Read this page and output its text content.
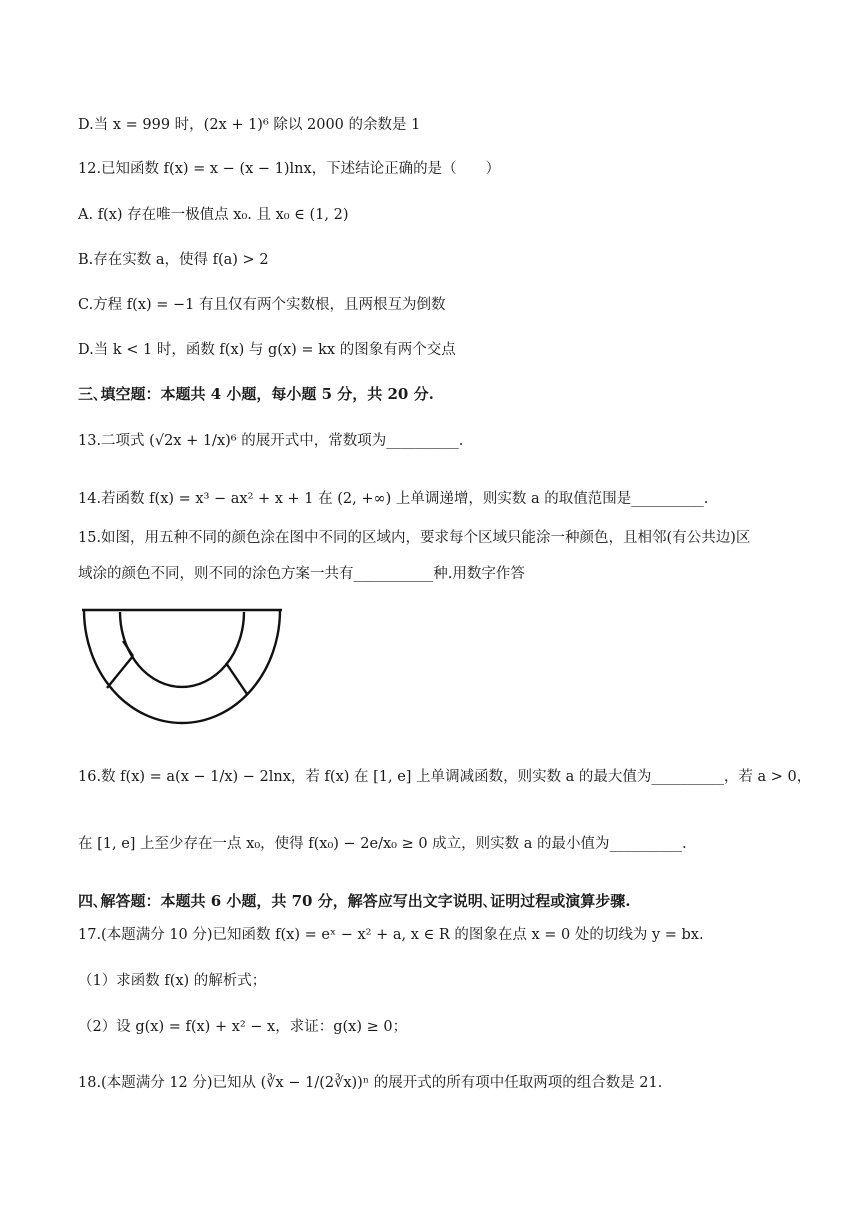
D.当 x = 999 时，(2x + 1)⁶ 除以 2000 的余数是 1
12.已知函数 f(x) = x − (x − 1)lnx，下述结论正确的是（　　）
A. f(x) 存在唯一极值点 x₀. 且 x₀ ∈ (1, 2)
B.存在实数 a，使得 f(a) > 2
C.方程 f(x) = −1 有且仅有两个实数根，且两根互为倒数
D.当 k < 1 时，函数 f(x) 与 g(x) = kx 的图象有两个交点
三､填空题：本题共 4 小题，每小题 5 分，共 20 分.
13.二项式 (√2x + 1/x)⁶ 的展开式中，常数项为__________.
14.若函数 f(x) = x³ − ax² + x + 1 在 (2, +∞) 上单调递增，则实数 a 的取值范围是__________.
15.如图，用五种不同的颜色涂在图中不同的区域内，要求每个区域只能涂一种颜色，且相邻(有公共边)区
域涂的颜色不同，则不同的涂色方案一共有___________种.用数字作答
16.数 f(x) = a(x − 1/x) − 2lnx，若 f(x) 在 [1, e] 上单调减函数，则实数 a 的最大值为__________，若 a > 0，
在 [1, e] 上至少存在一点 x₀，使得 f(x₀) − 2e/x₀ ≥ 0 成立，则实数 a 的最小值为__________.
四､解答题：本题共 6 小题，共 70 分，解答应写出文字说明､证明过程或演算步骤.
17.(本题满分 10 分)已知函数 f(x) = eˣ − x² + a, x ∈ R 的图象在点 x = 0 处的切线为 y = bx.
（1）求函数 f(x) 的解析式；
（2）设 g(x) = f(x) + x² − x，求证：g(x) ≥ 0；
18.(本题满分 12 分)已知从 (∛x − 1/(2∛x))ⁿ 的展开式的所有项中任取两项的组合数是 21.
